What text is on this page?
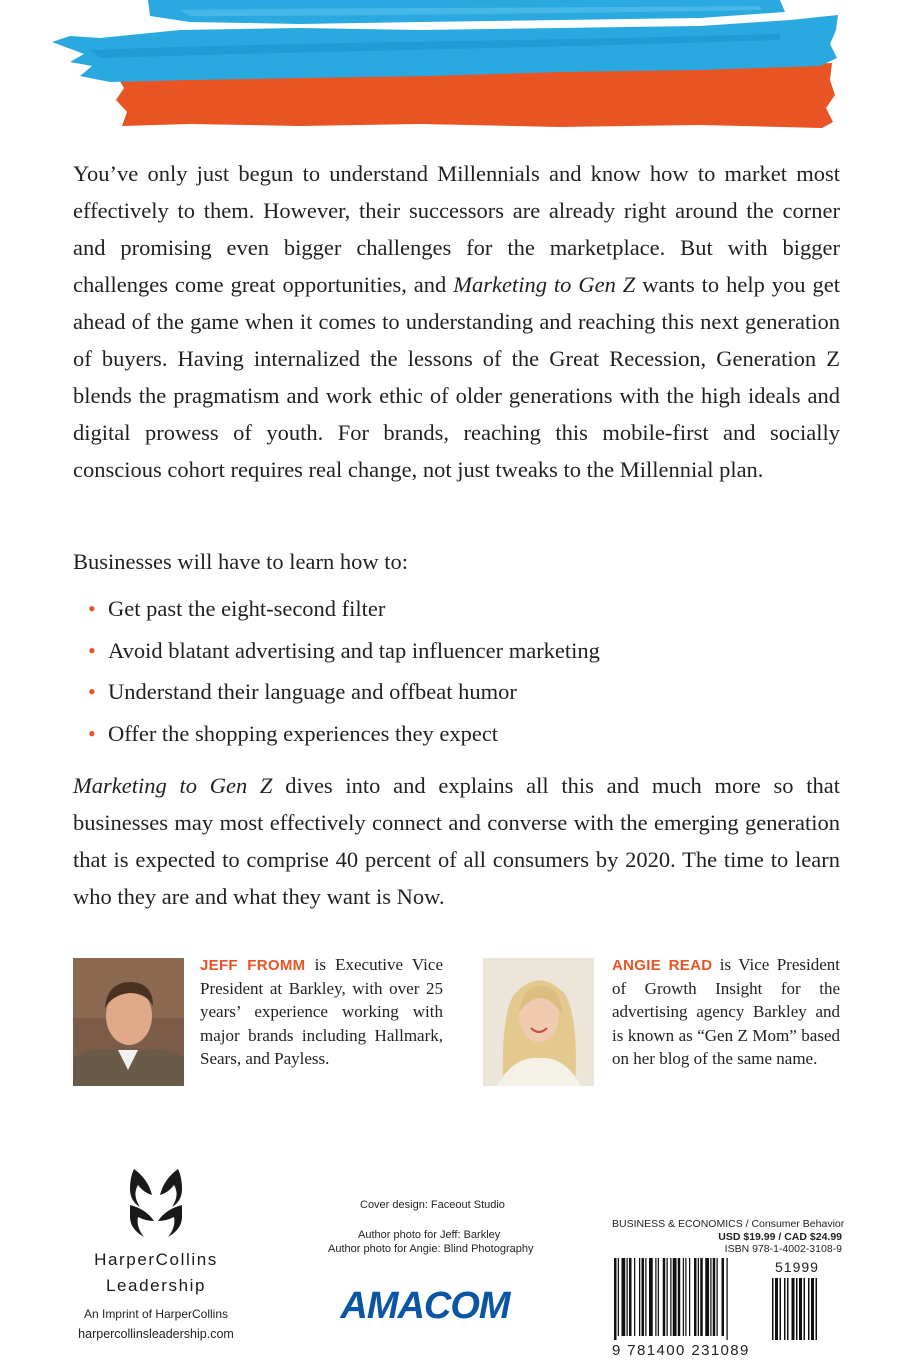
You’ve only just begun to understand Millennials and know how to market most effectively to them. However, their successors are already right around the corner and promising even bigger challenges for the marketplace. But with bigger challenges come great opportunities, and Marketing to Gen Z wants to help you get ahead of the game when it comes to understanding and reaching this next generation of buyers. Having internalized the lessons of the Great Recession, Generation Z blends the pragmatism and work ethic of older generations with the high ideals and digital prowess of youth. For brands, reaching this mobile-first and socially conscious cohort requires real change, not just tweaks to the Millennial plan.
Businesses will have to learn how to:
• Get past the eight-second filter
• Avoid blatant advertising and tap influencer marketing
• Understand their language and offbeat humor
• Offer the shopping experiences they expect
Marketing to Gen Z dives into and explains all this and much more so that businesses may most effectively connect and converse with the emerging generation that is expected to comprise 40 percent of all consumers by 2020. The time to learn who they are and what they want is Now.
JEFF FROMM is Executive Vice President at Barkley, with over 25 years’ experience working with major brands including Hallmark, Sears, and Payless.
ANGIE READ is Vice President of Growth Insight for the advertising agency Barkley and is known as “Gen Z Mom” based on her blog of the same name.
HarperCollins
Leadership
An Imprint of HarperCollins
harpercollinsleadership.com
Cover design: Faceout Studio
Author photo for Jeff: Barkley
Author photo for Angie: Blind Photography
AMACOM
BUSINESS & ECONOMICS / Consumer Behavior
USD $19.99 / CAD $24.99
ISBN 978-1-4002-3108-9
51999
9 781400 231089
